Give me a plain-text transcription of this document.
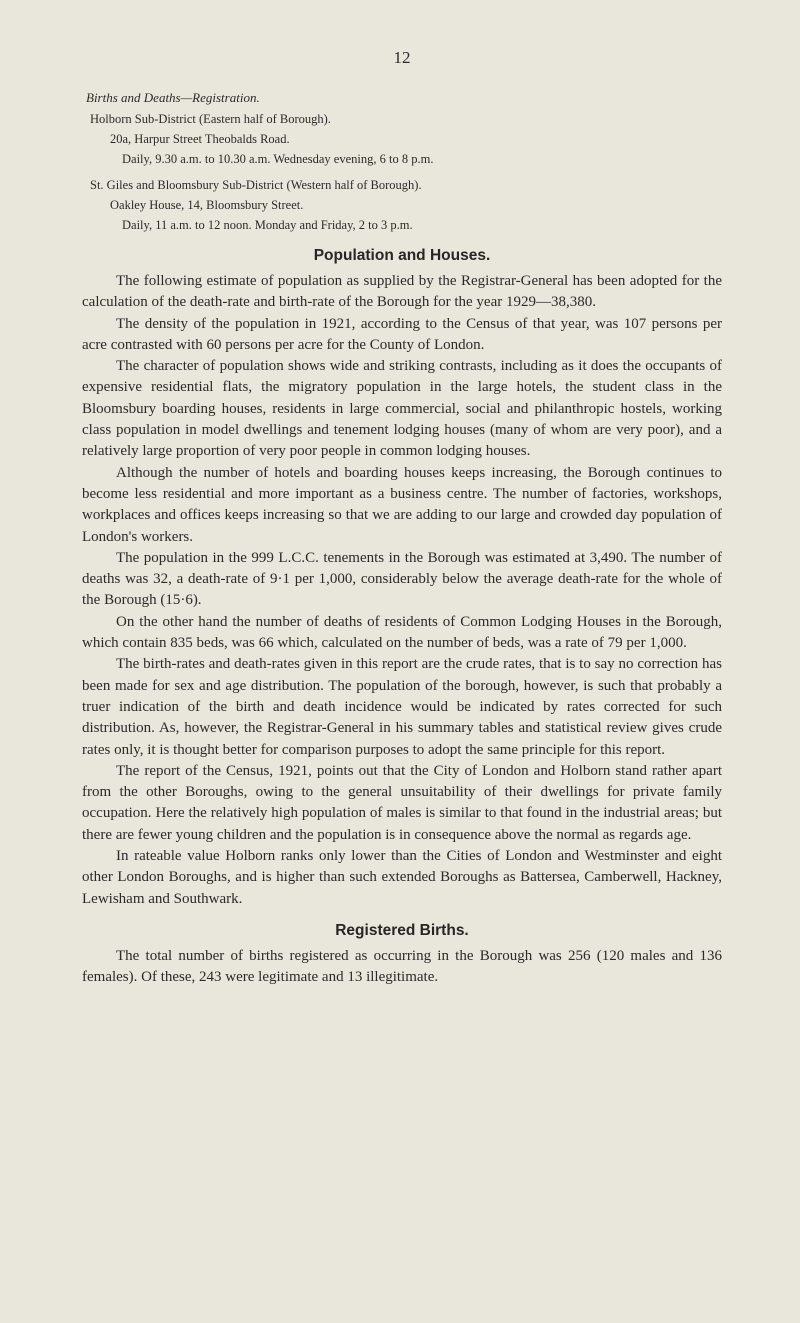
12
Births and Deaths—Registration.

Holborn Sub-District (Eastern half of Borough).

20a, Harpur Street Theobalds Road.

Daily, 9.30 a.m. to 10.30 a.m. Wednesday evening, 6 to 8 p.m.

St. Giles and Bloomsbury Sub-District (Western half of Borough).

Oakley House, 14, Bloomsbury Street.

Daily, 11 a.m. to 12 noon. Monday and Friday, 2 to 3 p.m.

Population and Houses.

The following estimate of population as supplied by the Registrar-General has been adopted for the calculation of the death-rate and birth-rate of the Borough for the year 1929—38,380.

The density of the population in 1921, according to the Census of that year, was 107 persons per acre contrasted with 60 persons per acre for the County of London.

The character of population shows wide and striking contrasts, including as it does the occupants of expensive residential flats, the migratory population in the large hotels, the student class in the Bloomsbury boarding houses, residents in large commercial, social and philanthropic hostels, working class population in model dwellings and tenement lodging houses (many of whom are very poor), and a relatively large proportion of very poor people in common lodging houses.

Although the number of hotels and boarding houses keeps increasing, the Borough continues to become less residential and more important as a business centre. The number of factories, workshops, workplaces and offices keeps increasing so that we are adding to our large and crowded day population of London's workers.

The population in the 999 L.C.C. tenements in the Borough was estimated at 3,490. The number of deaths was 32, a death-rate of 9·1 per 1,000, considerably below the average death-rate for the whole of the Borough (15·6).

On the other hand the number of deaths of residents of Common Lodging Houses in the Borough, which contain 835 beds, was 66 which, calculated on the number of beds, was a rate of 79 per 1,000.

The birth-rates and death-rates given in this report are the crude rates, that is to say no correction has been made for sex and age distribution. The population of the borough, however, is such that probably a truer indication of the birth and death incidence would be indicated by rates corrected for such distribution. As, however, the Registrar-General in his summary tables and statistical review gives crude rates only, it is thought better for comparison purposes to adopt the same principle for this report.

The report of the Census, 1921, points out that the City of London and Holborn stand rather apart from the other Boroughs, owing to the general unsuitability of their dwellings for private family occupation. Here the relatively high population of males is similar to that found in the industrial areas; but there are fewer young children and the population is in consequence above the normal as regards age.

In rateable value Holborn ranks only lower than the Cities of London and Westminster and eight other London Boroughs, and is higher than such extended Boroughs as Battersea, Camberwell, Hackney, Lewisham and Southwark.

Registered Births.

The total number of births registered as occurring in the Borough was 256 (120 males and 136 females). Of these, 243 were legitimate and 13 illegitimate.
